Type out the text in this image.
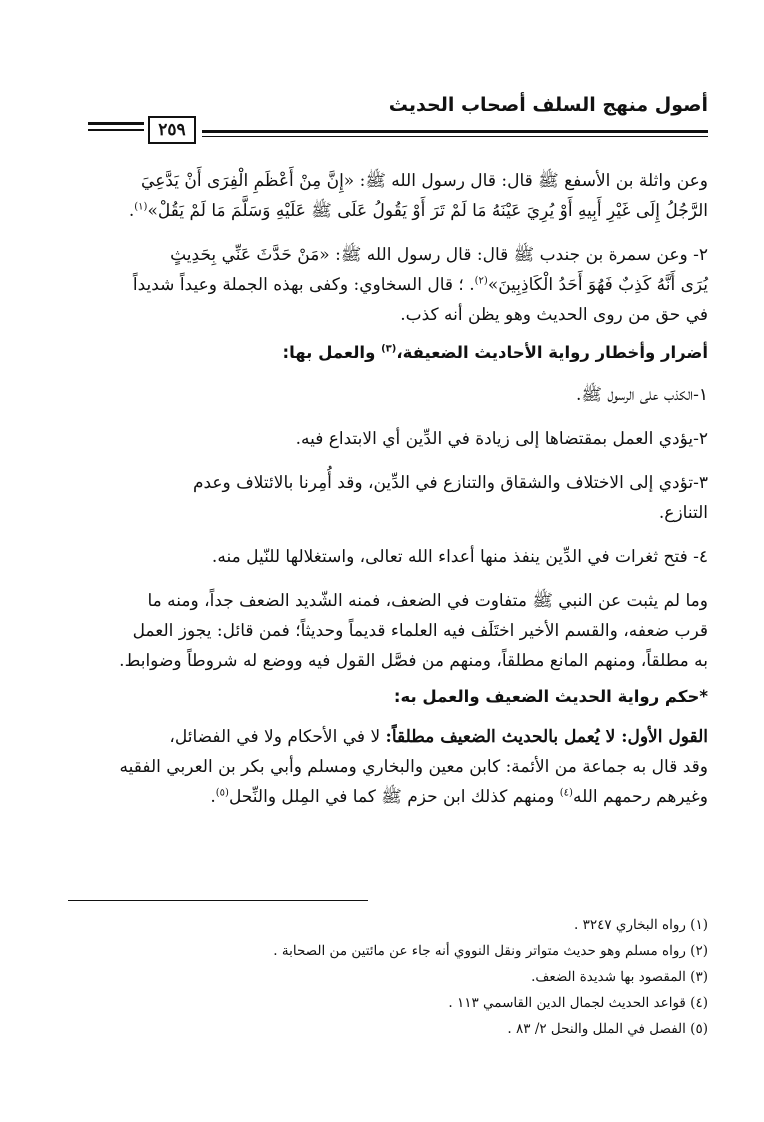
أصول منهج السلف أصحاب الحديث
٢٥٩

وعن واثلة بن الأسفع ﷺ قال: قال رسول الله ﷺ: «إِنَّ مِنْ أَعْظَمِ الْفِرَى أَنْ يَدَّعِيَ
الرَّجُلُ إِلَى غَيْرِ أَبِيهِ أَوْ يُرِيَ عَيْنَهُ مَا لَمْ تَرَ أَوْ يَقُولُ عَلَى ﷺ عَلَيْهِ وَسَلَّمَ مَا لَمْ يَقُلْ»$^{(١)}$.

٢- وعن سمرة بن جندب ﷺ قال: قال رسول الله ﷺ: «مَنْ حَدَّثَ عَنِّي بِحَدِيثٍ
يُرَى أَنَّهُ كَذِبٌ فَهُوَ أَحَدُ الْكَاذِبِينَ»$^{(٢)}$. ؛ قال السخاوي: وكفى بهذه الجملة وعيداً شديداً
في حق من روى الحديث وهو يظن أنه كذب.

أضرار وأخطار رواية الأحاديث الضعيفة،$^{(٣)}$ والعمل بها:

١-الكذب على الرسول ﷺ.

٢-يؤدي العمل بمقتضاها إلى زيادة في الدِّين أي الابتداع فيه.

٣-تؤدي إلى الاختلاف والشقاق والتنازع في الدِّين، وقد أُمِرنا بالائتلاف وعدم
التنازع.

٤- فتح ثغرات في الدِّين ينفذ منها أعداء الله تعالى، واستغلالها للنّيل منه.

وما لم يثبت عن النبي ﷺ متفاوت في الضعف، فمنه الشّديد الضعف جداً، ومنه ما
قرب ضعفه، والقسم الأخير اختَلَف فيه العلماء قديماً وحديثاً؛ فمن قائل: يجوز العمل
به مطلقاً، ومنهم المانع مطلقاً، ومنهم من فصَّل القول فيه ووضع له شروطاً وضوابط.

*حكم رواية الحديث الضعيف والعمل به:

القول الأول: لا يُعمل بالحديث الضعيف مطلقاً: لا في الأحكام ولا في الفضائل،
وقد قال به جماعة من الأئمة: كابن معين والبخاري ومسلم وأبي بكر بن العربي الفقيه
وغيرهم رحمهم الله$^{(٤)}$ ومنهم كذلك ابن حزم ﷺ كما في المِلل والنِّحل$^{(٥)}$.

(١) رواه البخاري ٣٢٤٧ .
(٢) رواه مسلم وهو حديث متواتر ونقل النووي أنه جاء عن مائتين من الصحابة .
(٣) المقصود بها شديدة الضعف.
(٤) قواعد الحديث لجمال الدين القاسمي ١١٣ .
(٥) الفصل في الملل والنحل ٢/ ٨٣ .
